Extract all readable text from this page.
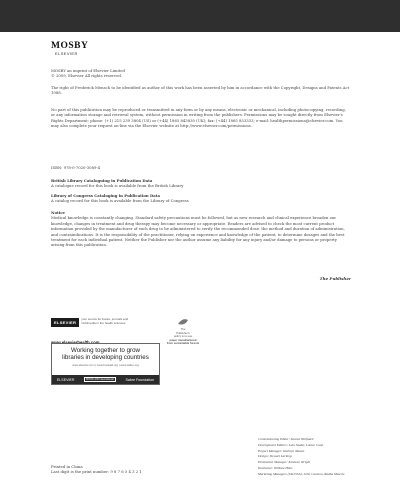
MOSBY
ELSEVIER
MOSBY an imprint of Elsevier Limited
© 2009, Elsevier All rights reserved.

The right of Frederick Mensch to be identified as author of this work has been asserted by him in accordance with the Copyright, Designs and Patents Act 1988.

No part of this publication may be reproduced or transmitted in any form or by any means, electronic or mechanical, including photocopying, recording, or any information storage and retrieval system, without permission in writing from the publishers. Permissions may be sought directly from Elsevier's Rights Department: phone: (+1) 215 239 3804 (US) or (+44) 1865 843830 (UK); fax: (+44) 1865 853333; e-mail: healthpermissions@elsevier.com. You may also complete your request on-line via the Elsevier website at http://www.elsevier.com/permissions.

ISBN: 978-0-7020-3089-4

British Library Cataloguing in Publication Data
A catalogue record for this book is available from the British Library
Library of Congress Cataloging in Publication Data
A catalog record for this book is available from the Library of Congress
Notice
Medical knowledge is constantly changing. Standard safety precautions must be followed, but as new research and clinical experience broaden our knowledge, changes in treatment and drug therapy may become necessary or appropriate. Readers are advised to check the most current product information provided by the manufacturer of each drug to be administered to verify the recommended dose, the method and duration of administration, and contraindications. It is the responsibility of the practitioner, relying on experience and knowledge of the patient, to determine dosages and the best treatment for each individual patient. Neither the Publisher nor the author assume any liability for any injury and/or damage to persons or property arising from this publication.
The Publisher
ELSEVIERyour source for books, journals and multimedia in the health sciences
Working together to grow
libraries in developing countries
www.elsevier.com | www.bookaid.org | www.sabre.org
ELSEVIER	BOOK AID International	Sabre Foundation
The
Publisher's
policy is to use
paper manufactured
from sustainable forests
Printed in China
Last digit is the print number: 9 8 7 6 5 4 3 2 1
Commissioning Editor: Sarena Wolfaard
Development Editors: Lulu Stader, Louise Cook
Project Manager: Kathryn Mason
Design: Stewart Larking
Illustration Manager: Kirsteen Wright
Illustrator: William Hiles
Marketing Managers (UK/USA): John Canelon, Radha Mawrie
